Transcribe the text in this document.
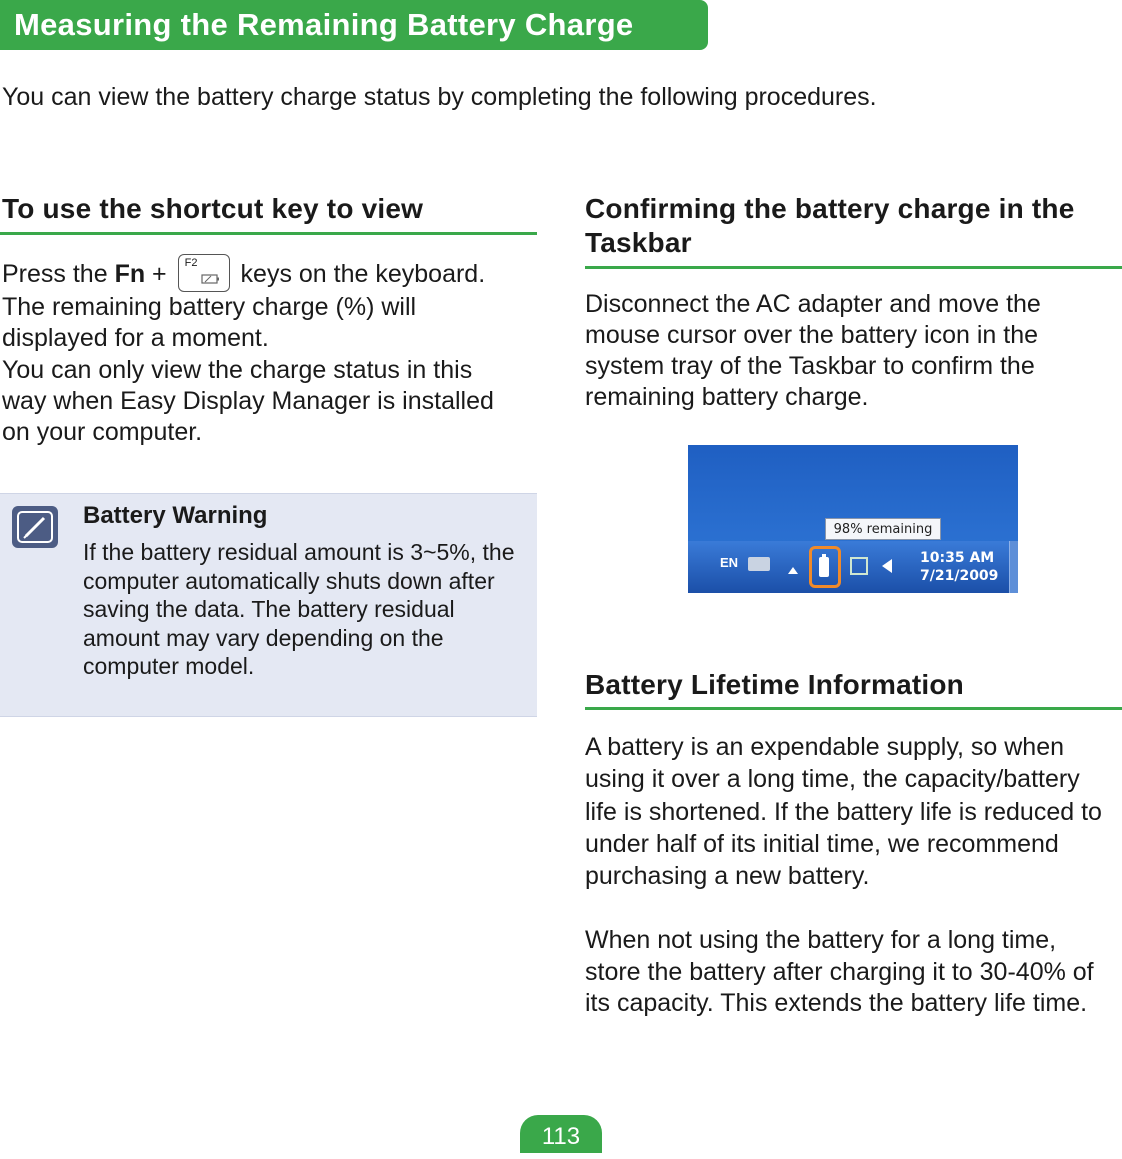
Measuring the Remaining Battery Charge
You can view the battery charge status by completing the following procedures.
To use the shortcut key to view
Press the Fn + F2 keys on the keyboard. The remaining battery charge (%) will displayed for a moment.
You can only view the charge status in this way when Easy Display Manager is installed on your computer.
Battery Warning
If the battery residual amount is 3~5%, the computer automatically shuts down after saving the data. The battery residual amount may vary depending on the computer model.
Confirming the battery charge in the Taskbar
Disconnect the AC adapter and move the mouse cursor over the battery icon in the system tray of the Taskbar to confirm the remaining battery charge.
98% remaining
EN	10:35 AM
7/21/2009
Battery Lifetime Information
A battery is an expendable supply, so when using it over a long time, the capacity/battery life is shortened. If the battery life is reduced to under half of its initial time, we recommend purchasing a new battery.
When not using the battery for a long time, store the battery after charging it to 30-40% of its capacity. This extends the battery life time.
113
